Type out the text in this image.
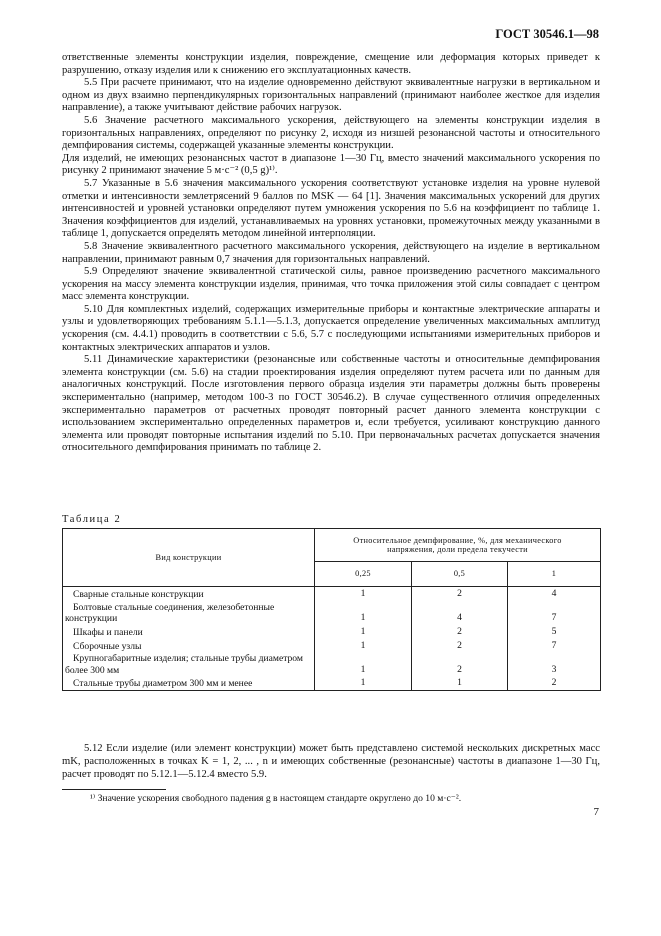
ГОСТ 30546.1—98

ответственные элементы конструкции изделия, повреждение, смещение или деформация которых приведет к разрушению, отказу изделия или к снижению его эксплуатационных качеств.

5.5 При расчете принимают, что на изделие одновременно действуют эквивалентные нагрузки в вертикальном и одном из двух взаимно перпендикулярных горизонтальных направлений (принимают наиболее жесткое для изделия направление), а также учитывают действие рабочих нагрузок.

5.6 Значение расчетного максимального ускорения, действующего на элементы конструкции изделия в горизонтальных направлениях, определяют по рисунку 2, исходя из низшей резонансной частоты и относительного демпфирования системы, содержащей указанные элементы конструкции.

Для изделий, не имеющих резонансных частот в диапазоне 1—30 Гц, вместо значений максимального ускорения по рисунку 2 принимают значение 5 м·с⁻² (0,5 g)¹⁾.

5.7 Указанные в 5.6 значения максимального ускорения соответствуют установке изделия на уровне нулевой отметки и интенсивности землетрясений 9 баллов по MSK — 64 [1]. Значения максимальных ускорений для других интенсивностей и уровней установки определяют путем умножения ускорения по 5.6 на коэффициент по таблице 1. Значения коэффициентов для изделий, устанавливаемых на уровнях установки, промежуточных между указанными в таблице 1, допускается определять методом линейной интерполяции.

5.8 Значение эквивалентного расчетного максимального ускорения, действующего на изделие в вертикальном направлении, принимают равным 0,7 значения для горизонтальных направлений.

5.9 Определяют значение эквивалентной статической силы, равное произведению расчетного максимального ускорения на массу элемента конструкции изделия, принимая, что точка приложения этой силы совпадает с центром масс элемента конструкции.

5.10 Для комплектных изделий, содержащих измерительные приборы и контактные электрические аппараты и узлы и удовлетворяющих требованиям 5.1.1—5.1.3, допускается определение увеличенных максимальных амплитуд ускорения (см. 4.4.1) проводить в соответствии с 5.6, 5.7 с последующими испытаниями измерительных приборов и контактных электрических аппаратов и узлов.

5.11 Динамические характеристики (резонансные или собственные частоты и относительные демпфирования элемента конструкции (см. 5.6) на стадии проектирования изделия определяют путем расчета или по данным для аналогичных конструкций. После изготовления первого образца изделия эти параметры должны быть проверены экспериментально (например, методом 100-3 по ГОСТ 30546.2). В случае существенного отличия определенных экспериментально параметров от расчетных проводят повторный расчет данного элемента конструкции с использованием экспериментально определенных параметров и, если требуется, усиливают конструкцию данного элемента или проводят повторные испытания изделий по 5.10. При первоначальных расчетах допускается значения относительного демпфирования принимать по таблице 2.

Таблица 2
Вид конструкции	Относительное демпфирование, %, для механического напряжения, доли предела текучести		
	0,25	0,5	1

Сварные стальные конструкции	1	2	4

Болтовые стальные соединения, железобетонные конструкции	1	4	7

Шкафы и панели	1	2	5

Сборочные узлы	1	2	7

Крупногабаритные изделия; стальные трубы диаметром более 300 мм	1	2	3

Стальные трубы диаметром 300 мм и менее	1	1	2

5.12 Если изделие (или элемент конструкции) может быть представлено системой нескольких дискретных масс mK, расположенных в точках K = 1, 2, ... , n и имеющих собственные (резонансные) частоты в диапазоне 1—30 Гц, расчет проводят по 5.12.1—5.12.4 вместо 5.9.

¹⁾ Значение ускорения свободного падения g в настоящем стандарте округлено до 10 м·с⁻².
7
